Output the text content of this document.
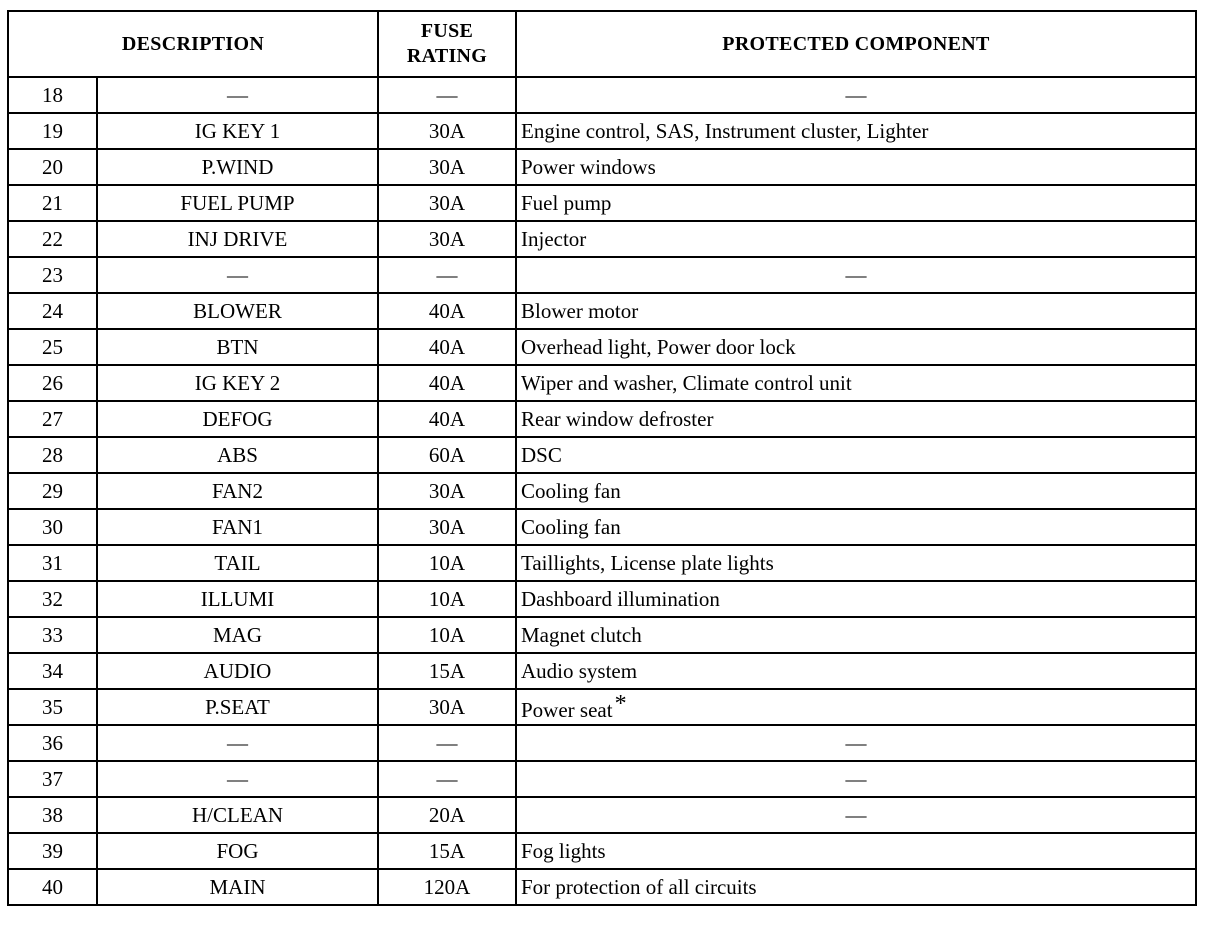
DESCRIPTION		FUSE
RATING	PROTECTED COMPONENT
18	—	—	—
19	IG KEY 1	30A	Engine control, SAS, Instrument cluster, Lighter
20	P.WIND	30A	Power windows
21	FUEL PUMP	30A	Fuel pump
22	INJ DRIVE	30A	Injector
23	—	—	—
24	BLOWER	40A	Blower motor
25	BTN	40A	Overhead light, Power door lock
26	IG KEY 2	40A	Wiper and washer, Climate control unit
27	DEFOG	40A	Rear window defroster
28	ABS	60A	DSC
29	FAN2	30A	Cooling fan
30	FAN1	30A	Cooling fan
31	TAIL	10A	Taillights, License plate lights
32	ILLUMI	10A	Dashboard illumination
33	MAG	10A	Magnet clutch
34	AUDIO	15A	Audio system
35	P.SEAT	30A	Power seat*
36	—	—	—
37	—	—	—
38	H/CLEAN	20A	—
39	FOG	15A	Fog lights
40	MAIN	120A	For protection of all circuits
